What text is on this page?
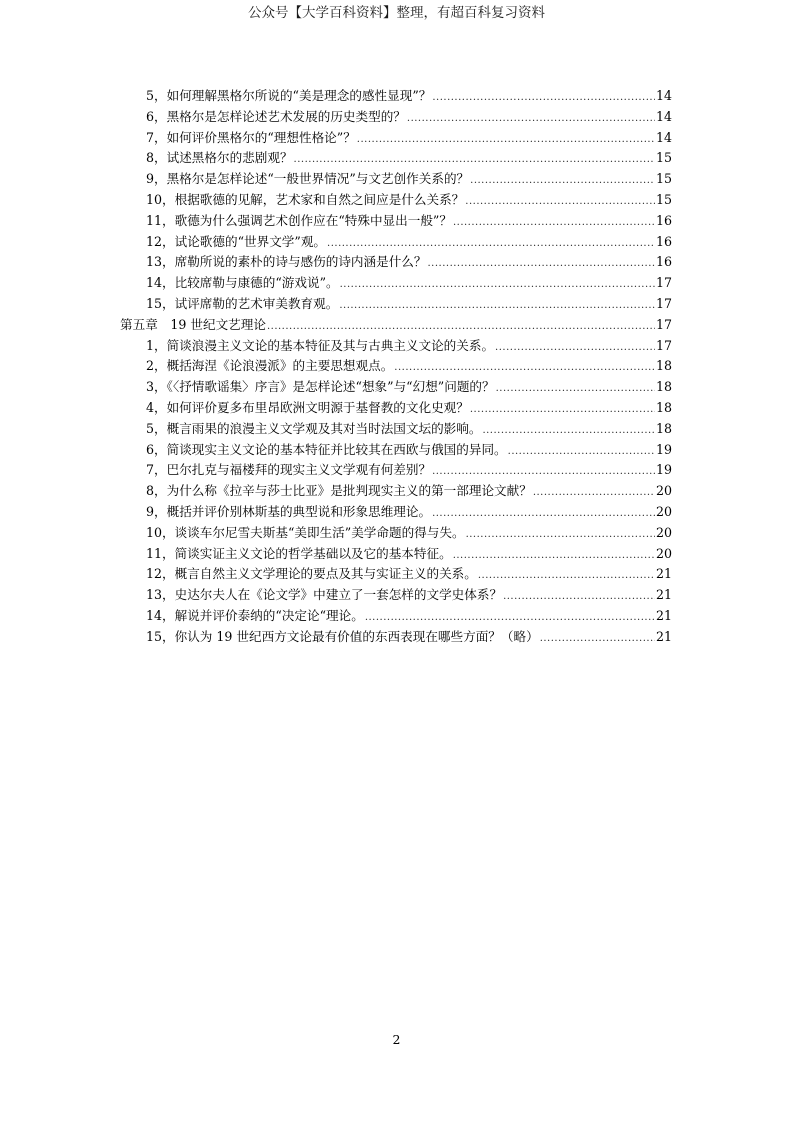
公众号【大学百科资料】整理，有超百科复习资料
5，如何理解黑格尔所说的“美是理念的感性显现”？ .....	14
6，黑格尔是怎样论述艺术发展的历史类型的？ .....	14
7，如何评价黑格尔的“理想性格论”？ .....	14
8，试述黑格尔的悲剧观？ .....	15
9，黑格尔是怎样论述“一般世界情况”与文艺创作关系的？ .....	15
10，根据歌德的见解，艺术家和自然之间应是什么关系？ .....	15
11，歌德为什么强调艺术创作应在“特殊中显出一般”？ .....	16
12，试论歌德的“世界文学”观。 .....	16
13，席勒所说的素朴的诗与感伤的诗内涵是什么？ .....	16
14，比较席勒与康德的“游戏说”。 .....	17
15，试评席勒的艺术审美教育观。 .....	17
第五章　19 世纪文艺理论 .....	17
1，简谈浪漫主义文论的基本特征及其与古典主义文论的关系。 .....	17
2，概括海涅《论浪漫派》的主要思想观点。 .....	18
3，《〈抒情歌谣集〉序言》是怎样论述“想象”与“幻想”问题的？ .....	18
4，如何评价夏多布里昂欧洲文明源于基督教的文化史观？ .....	18
5，概言雨果的浪漫主义文学观及其对当时法国文坛的影响。 .....	18
6，简谈现实主义文论的基本特征并比较其在西欧与俄国的异同。 .....	19
7，巴尔扎克与福楼拜的现实主义文学观有何差别？ .....	19
8，为什么称《拉辛与莎士比亚》是批判现实主义的第一部理论文献？ .....	20
9，概括并评价别林斯基的典型说和形象思维理论。 .....	20
10，谈谈车尔尼雪夫斯基“美即生活”美学命题的得与失。 .....	20
11，简谈实证主义文论的哲学基础以及它的基本特征。 .....	20
12，概言自然主义文学理论的要点及其与实证主义的关系。 .....	21
13，史达尔夫人在《论文学》中建立了一套怎样的文学史体系？ .....	21
14，解说并评价泰纳的“决定论“理论。 .....	21
15，你认为 19 世纪西方文论最有价值的东西表现在哪些方面？（略） .....	21
2
